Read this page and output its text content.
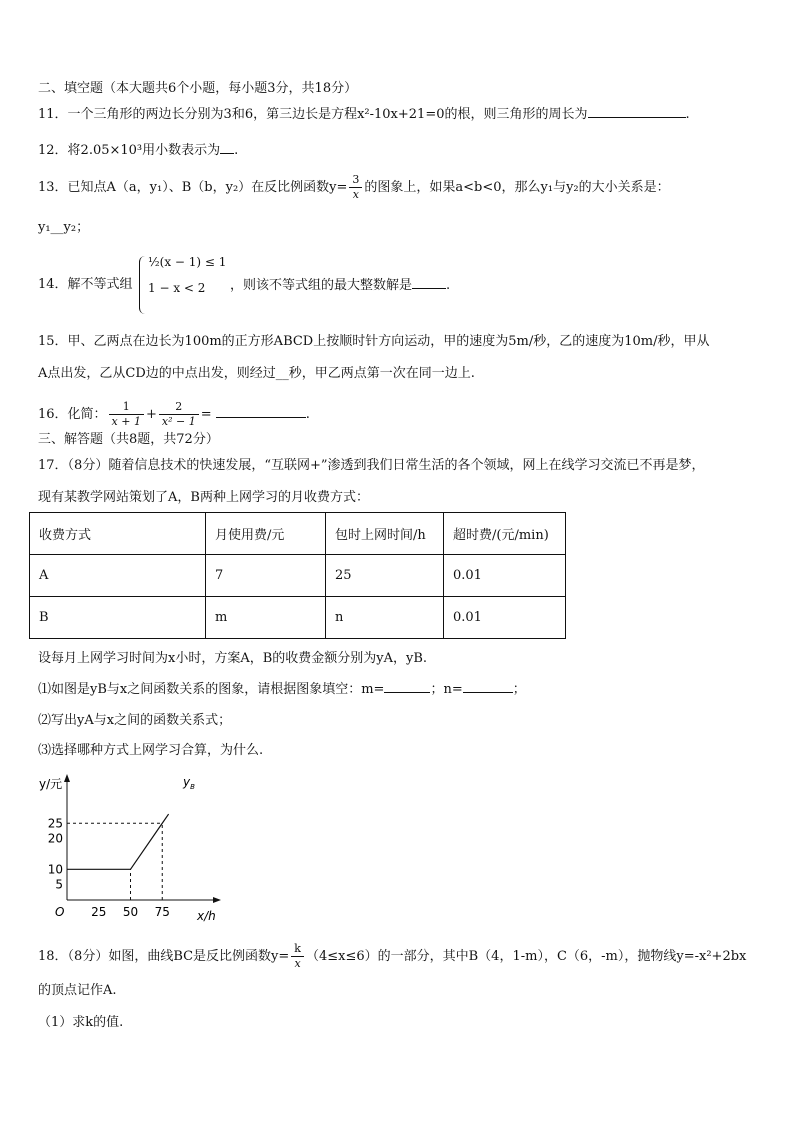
二、填空题（本大题共6个小题，每小题3分，共18分）
11．一个三角形的两边长分别为3和6，第三边长是方程x²-10x+21=0的根，则三角形的周长为	.
12．将2.05×10³用小数表示为 .
13．已知点A（a，y₁）、B（b，y₂）在反比例函数$y= \frac{3}{x}$ 的图象上，如果a<b<0，那么y₁与y₂的大小关系是：
y₁__y₂；
14．解不等式组
½(x − 1) ≤ 1
1 − x < 2	，则该不等式组的最大整数解是	.
15．甲、乙两点在边长为100m的正方形ABCD上按顺时针方向运动，甲的速度为5m/秒，乙的速度为10m/秒，甲从
A点出发，乙从CD边的中点出发，则经过__秒，甲乙两点第一次在同一边上.
16．化简： $\frac{1}{x + 1} + \frac{2}{\text{x² − 1}}$ =	.
三、解答题（共8题，共72分）
17．（8分）随着信息技术的快速发展，“互联网+”渗透到我们日常生活的各个领域，网上在线学习交流已不再是梦，
现有某教学网站策划了A，B两种上网学习的月收费方式：
收费方式	月使用费/元	包时上网时间/h	超时费/(元/min)
A	7	25	0.01
B	m	n	0.01
设每月上网学习时间为x小时，方案A，B的收费金额分别为yA，yB.
⑴如图是yB与x之间函数关系的图象，请根据图象填空：m=	；n=	；
⑵写出yA与x之间的函数关系式；
⑶选择哪种方式上网学习合算，为什么.
y/元
x/h
O
$y_B$
5
10
20
25
25 50 75
18．（8分）如图，曲线BC是反比例函数$y= \frac{k}{x} (4\le x\le 6)$的一部分，其中B（4，1-m），C（6，-m），抛物线y=-x²+2bx
的顶点记作A.
（1）求k的值.
